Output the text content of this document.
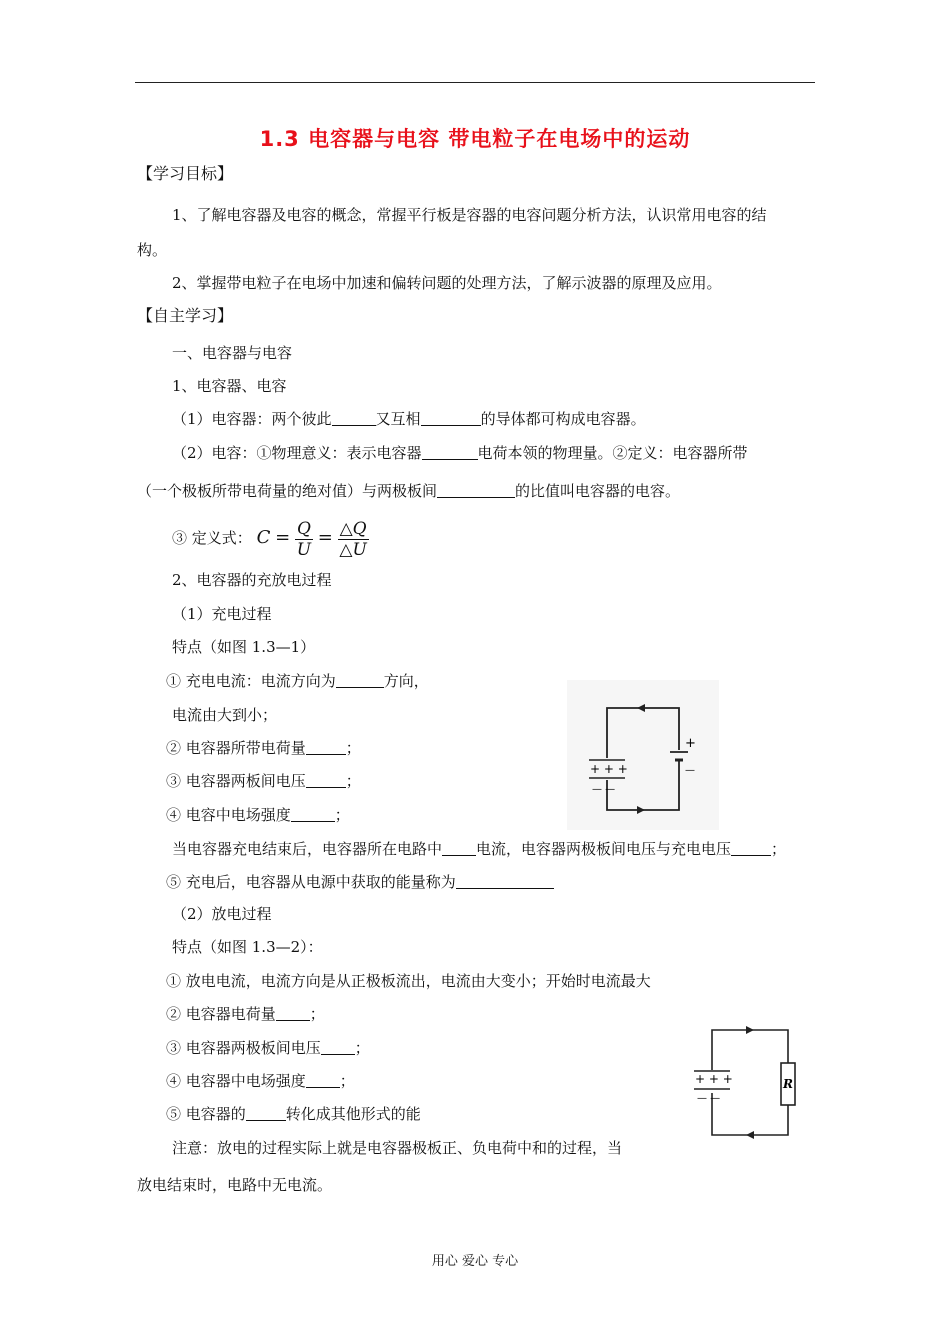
1.3 电容器与电容 带电粒子在电场中的运动
【学习目标】
1、了解电容器及电容的概念，常握平行板是容器的电容问题分析方法，认识常用电容的结
构。
2、掌握带电粒子在电场中加速和偏转问题的处理方法，了解示波器的原理及应用。
【自主学习】
一、电容器与电容
1、电容器、电容
（1）电容器：两个彼此	又互相	的导体都可构成电容器。
（2）电容：①物理意义：表示电容器	电荷本领的物理量。②定义：电容器所带
（一个极板所带电荷量的绝对值）与两极板间	的比值叫电容器的电容。
③ 定义式： $C = \frac{Q}{U} = \frac{\triangle Q}{\triangle U}$
2、电容器的充放电过程
（1）充电过程
特点（如图 1.3—1）
① 充电电流：电流方向为	方向，
电流由大到小；
② 电容器所带电荷量	；
③ 电容器两板间电压	；
④ 电容中电场强度	；
当电容器充电结束后，电容器所在电路中 电流，电容器两极板间电压与充电电压	；
⑤ 充电后，电容器从电源中获取的能量称为
（2）放电过程
特点（如图 1.3—2）：
① 放电电流，电流方向是从正极板流出，电流由大变小；开始时电流最大
② 电容器电荷量 ；
③ 电容器两极板间电压 ；
④ 电容器中电场强度 ；
⑤ 电容器的	转化成其他形式的能
注意：放电的过程实际上就是电容器极板正、负电荷中和的过程，当
放电结束时，电路中无电流。
+ + +
— —
+
—
+ + +
— —
R
用心 爱心 专心
